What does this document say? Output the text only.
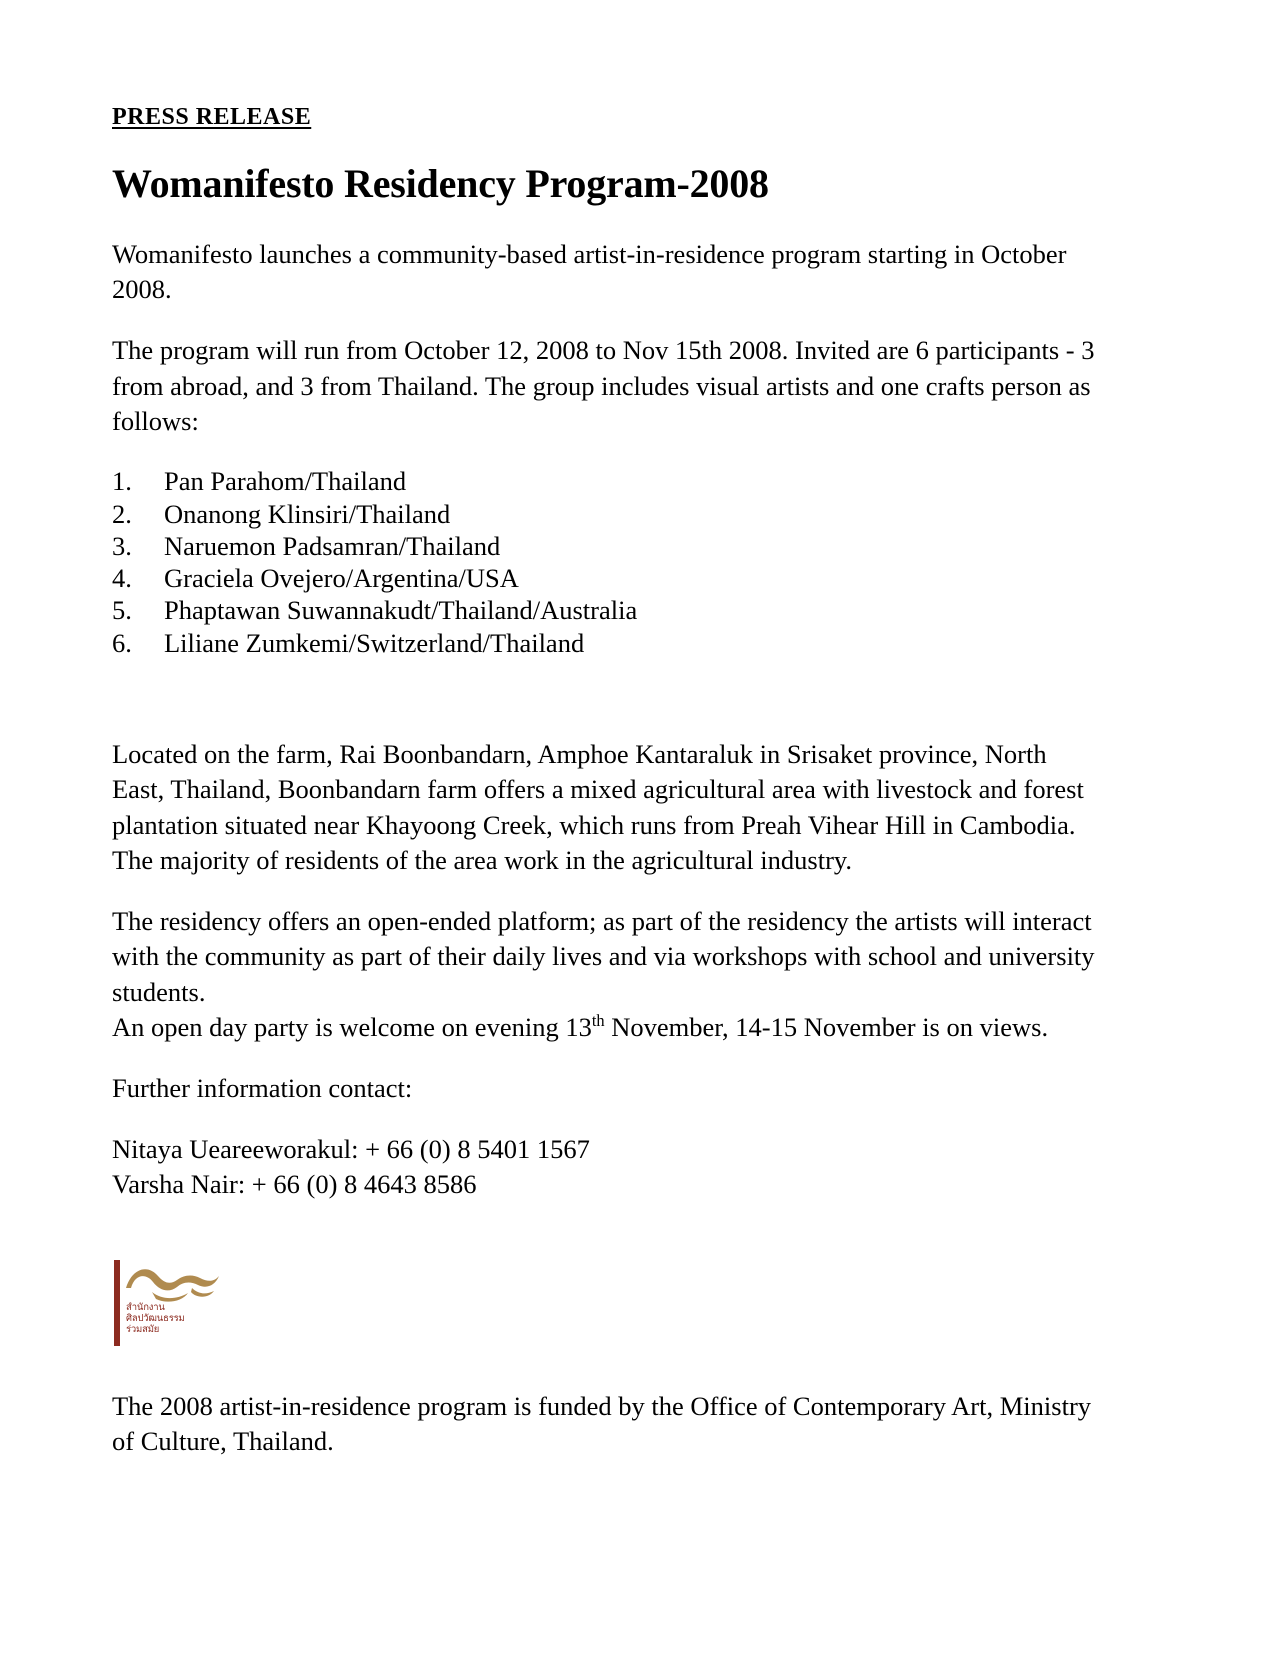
PRESS RELEASE
Womanifesto Residency Program-2008

Womanifesto launches a community-based artist-in-residence program starting in October 2008.

The program will run from October 12, 2008 to Nov 15th 2008. Invited are 6 participants - 3 from abroad, and 3 from Thailand. The group includes visual artists and one crafts person as follows:

1.	Pan Parahom/Thailand
2.	Onanong Klinsiri/Thailand
3.	Naruemon Padsamran/Thailand
4.	Graciela Ovejero/Argentina/USA
5.	Phaptawan Suwannakudt/Thailand/Australia
6.	Liliane Zumkemi/Switzerland/Thailand

Located on the farm, Rai Boonbandarn, Amphoe Kantaraluk in Srisaket province, North East, Thailand, Boonbandarn farm offers a mixed agricultural area with livestock and forest plantation situated near Khayoong Creek, which runs from Preah Vihear Hill in Cambodia. The majority of residents of the area work in the agricultural industry.

The residency offers an open-ended platform; as part of the residency the artists will interact with the community as part of their daily lives and via workshops with school and university students.

An open day party is welcome on evening 13th November, 14-15 November is on views.

Further information contact:

Nitaya Ueareeworakul: + 66 (0) 8 5401 1567

Varsha Nair: + 66 (0) 8 4643 8586

สำนักงาน
ศิลปวัฒนธรรม
ร่วมสมัย

The 2008 artist-in-residence program is funded by the Office of Contemporary Art, Ministry of Culture, Thailand.
